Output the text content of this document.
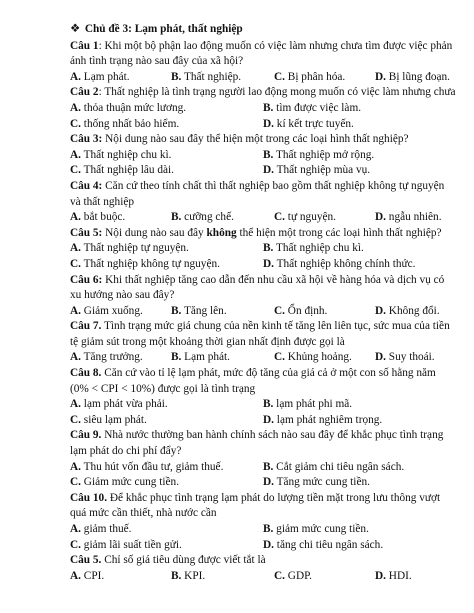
❖ Chủ đề 3: Lạm phát, thất nghiệp

Câu 1: Khi một bộ phận lao động muốn có việc làm nhưng chưa tìm được việc phản ánh tình trạng nào sau đây của xã hội?

A. Lạm phát.	B. Thất nghiệp.	C. Bị phân hóa.	D. Bị lũng đoạn.

Câu 2: Thất nghiệp là tình trạng người lao động mong muốn có việc làm nhưng chưa

A. thỏa thuận mức lương.	B. tìm được việc làm.
C. thống nhất bảo hiểm.	D. kí kết trực tuyến.

Câu 3: Nội dung nào sau đây thể hiện một trong các loại hình thất nghiệp?

A. Thất nghiệp chu kì.	B. Thất nghiệp mở rộng.
C. Thất nghiệp lâu dài.	D. Thất nghiệp mùa vụ.

Câu 4: Căn cứ theo tính chất thì thất nghiệp bao gồm thất nghiệp không tự nguyện và thất nghiệp

A. bắt buộc.	B. cưỡng chế.	C. tự nguyện.	D. ngẫu nhiên.

Câu 5: Nội dung nào sau đây không thể hiện một trong các loại hình thất nghiệp?

A. Thất nghiệp tự nguyện.	B. Thất nghiệp chu kì.
C. Thất nghiệp không tự nguyện.	D. Thất nghiệp không chính thức.

Câu 6: Khi thất nghiệp tăng cao dẫn đến nhu cầu xã hội về hàng hóa và dịch vụ có xu hướng nào sau đây?

A. Giảm xuống.	B. Tăng lên.	C. Ổn định.	D. Không đổi.

Câu 7. Tình trạng mức giá chung của nền kinh tế tăng lên liên tục, sức mua của tiền tệ giảm sút trong một khoảng thời gian nhất định được gọi là

A. Tăng trưởng.	B. Lạm phát.	C. Khủng hoảng.	D. Suy thoái.

Câu 8. Căn cứ vào tỉ lệ lạm phát, mức độ tăng của giá cả ở một con số hằng năm (0% < CPI < 10%) được gọi là tình trạng

A. lạm phát vừa phải.	B. lạm phát phi mã.
C. siêu lạm phát.	D. lạm phát nghiêm trọng.

Câu 9. Nhà nước thường ban hành chính sách nào sau đây để khắc phục tình trạng lạm phát do chi phí đẩy?

A. Thu hút vốn đầu tư, giảm thuế.	B. Cắt giảm chi tiêu ngân sách.
C. Giảm mức cung tiền.	D. Tăng mức cung tiền.

Câu 10. Để khắc phục tình trạng lạm phát do lượng tiền mặt trong lưu thông vượt quá mức cần thiết, nhà nước cần

A. giảm thuế.	B. giảm mức cung tiền.
C. giảm lãi suất tiền gửi.	D. tăng chi tiêu ngân sách.

Câu 5. Chỉ số giá tiêu dùng được viết tắt là

A. CPI.	B. KPI.	C. GDP.	D. HDI.
